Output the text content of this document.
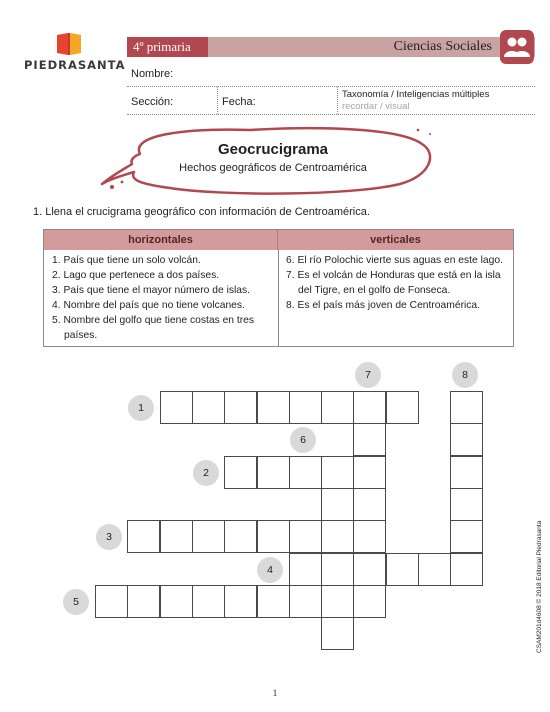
PIEDRASANTA
4º primaria	Ciencias Sociales
Nombre:
Sección:	Fecha:
Taxonomía / Inteligencias múltiples
recordar / visual
Geocrucigrama
Hechos geográficos de Centroamérica
1. Llena el crucigrama geográfico con información de Centroamérica.
horizontales	verticales
1. País que tiene un solo volcán.
2. Lago que pertenece a dos países.
3. País que tiene el mayor número de islas.
4. Nombre del país que no tiene volcanes.
5. Nombre del golfo que tiene costas en tres países.
6. El río Polochic vierte sus aguas en este lago.
7. Es el volcán de Honduras que está en la isla del Tigre, en el golfo de Fonseca.
8. Es el país más joven de Centroamérica.
1
2
3
4
5
6
7	8
CSAM201d4608 © 2018 Editorial Piedrasanta
1
